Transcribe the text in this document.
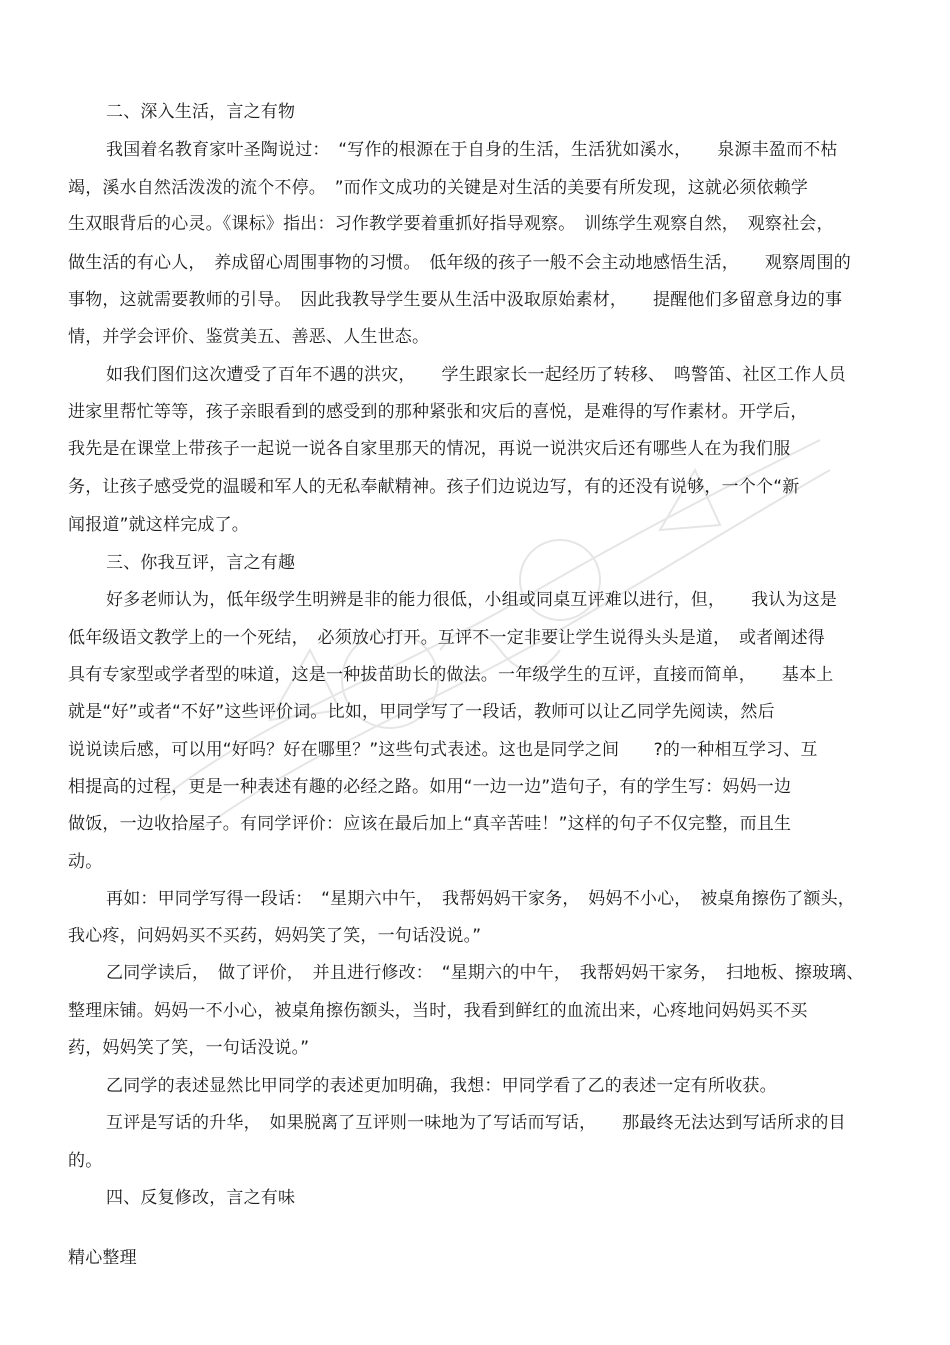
二、深入生活，言之有物
我国着名教育家叶圣陶说过：　“写作的根源在于自身的生活，生活犹如溪水，　　泉源丰盈而不枯
竭，溪水自然活泼泼的流个不停。　”而作文成功的关键是对生活的美要有所发现，这就必须依赖学
生双眼背后的心灵。《课标》指出：习作教学要着重抓好指导观察。　训练学生观察自然，　观察社会，
做生活的有心人，　养成留心周围事物的习惯。　低年级的孩子一般不会主动地感悟生活，　　观察周围的
事物，这就需要教师的引导。　因此我教导学生要从生活中汲取原始素材，　　提醒他们多留意身边的事
情，并学会评价、鉴赏美五、善恶、人生世态。
如我们图们这次遭受了百年不遇的洪灾，　　学生跟家长一起经历了转移、　鸣警笛、社区工作人员
进家里帮忙等等，孩子亲眼看到的感受到的那种紧张和灾后的喜悦，是难得的写作素材。开学后，
我先是在课堂上带孩子一起说一说各自家里那天的情况，再说一说洪灾后还有哪些人在为我们服
务，让孩子感受党的温暖和军人的无私奉献精神。孩子们边说边写，有的还没有说够，一个个“新
闻报道”就这样完成了。
三、你我互评，言之有趣
好多老师认为，低年级学生明辨是非的能力很低，小组或同桌互评难以进行，但，　　我认为这是
低年级语文教学上的一个死结，　必须放心打开。互评不一定非要让学生说得头头是道，　或者阐述得
具有专家型或学者型的味道，这是一种拔苗助长的做法。一年级学生的互评，直接而简单，　　基本上
就是“好”或者“不好”这些评价词。比如，甲同学写了一段话，教师可以让乙同学先阅读，然后
说说读后感，可以用“好吗？好在哪里？”这些句式表述。这也是同学之间　　?的一种相互学习、互
相提高的过程，更是一种表述有趣的必经之路。如用“一边一边”造句子，有的学生写：妈妈一边
做饭，一边收拾屋子。有同学评价：应该在最后加上“真辛苦哇！”这样的句子不仅完整，而且生
动。
再如：甲同学写得一段话：　“星期六中午，　我帮妈妈干家务，　妈妈不小心，　被桌角擦伤了额头，
我心疼，问妈妈买不买药，妈妈笑了笑，一句话没说。”
乙同学读后，　做了评价，　并且进行修改：　“星期六的中午，　我帮妈妈干家务，　扫地板、擦玻璃、
整理床铺。妈妈一不小心，被桌角擦伤额头，当时，我看到鲜红的血流出来，心疼地问妈妈买不买
药，妈妈笑了笑，一句话没说。”
乙同学的表述显然比甲同学的表述更加明确，我想：甲同学看了乙的表述一定有所收获。
互评是写话的升华，　如果脱离了互评则一味地为了写话而写话，　　那最终无法达到写话所求的目
的。
四、反复修改，言之有味
精心整理
